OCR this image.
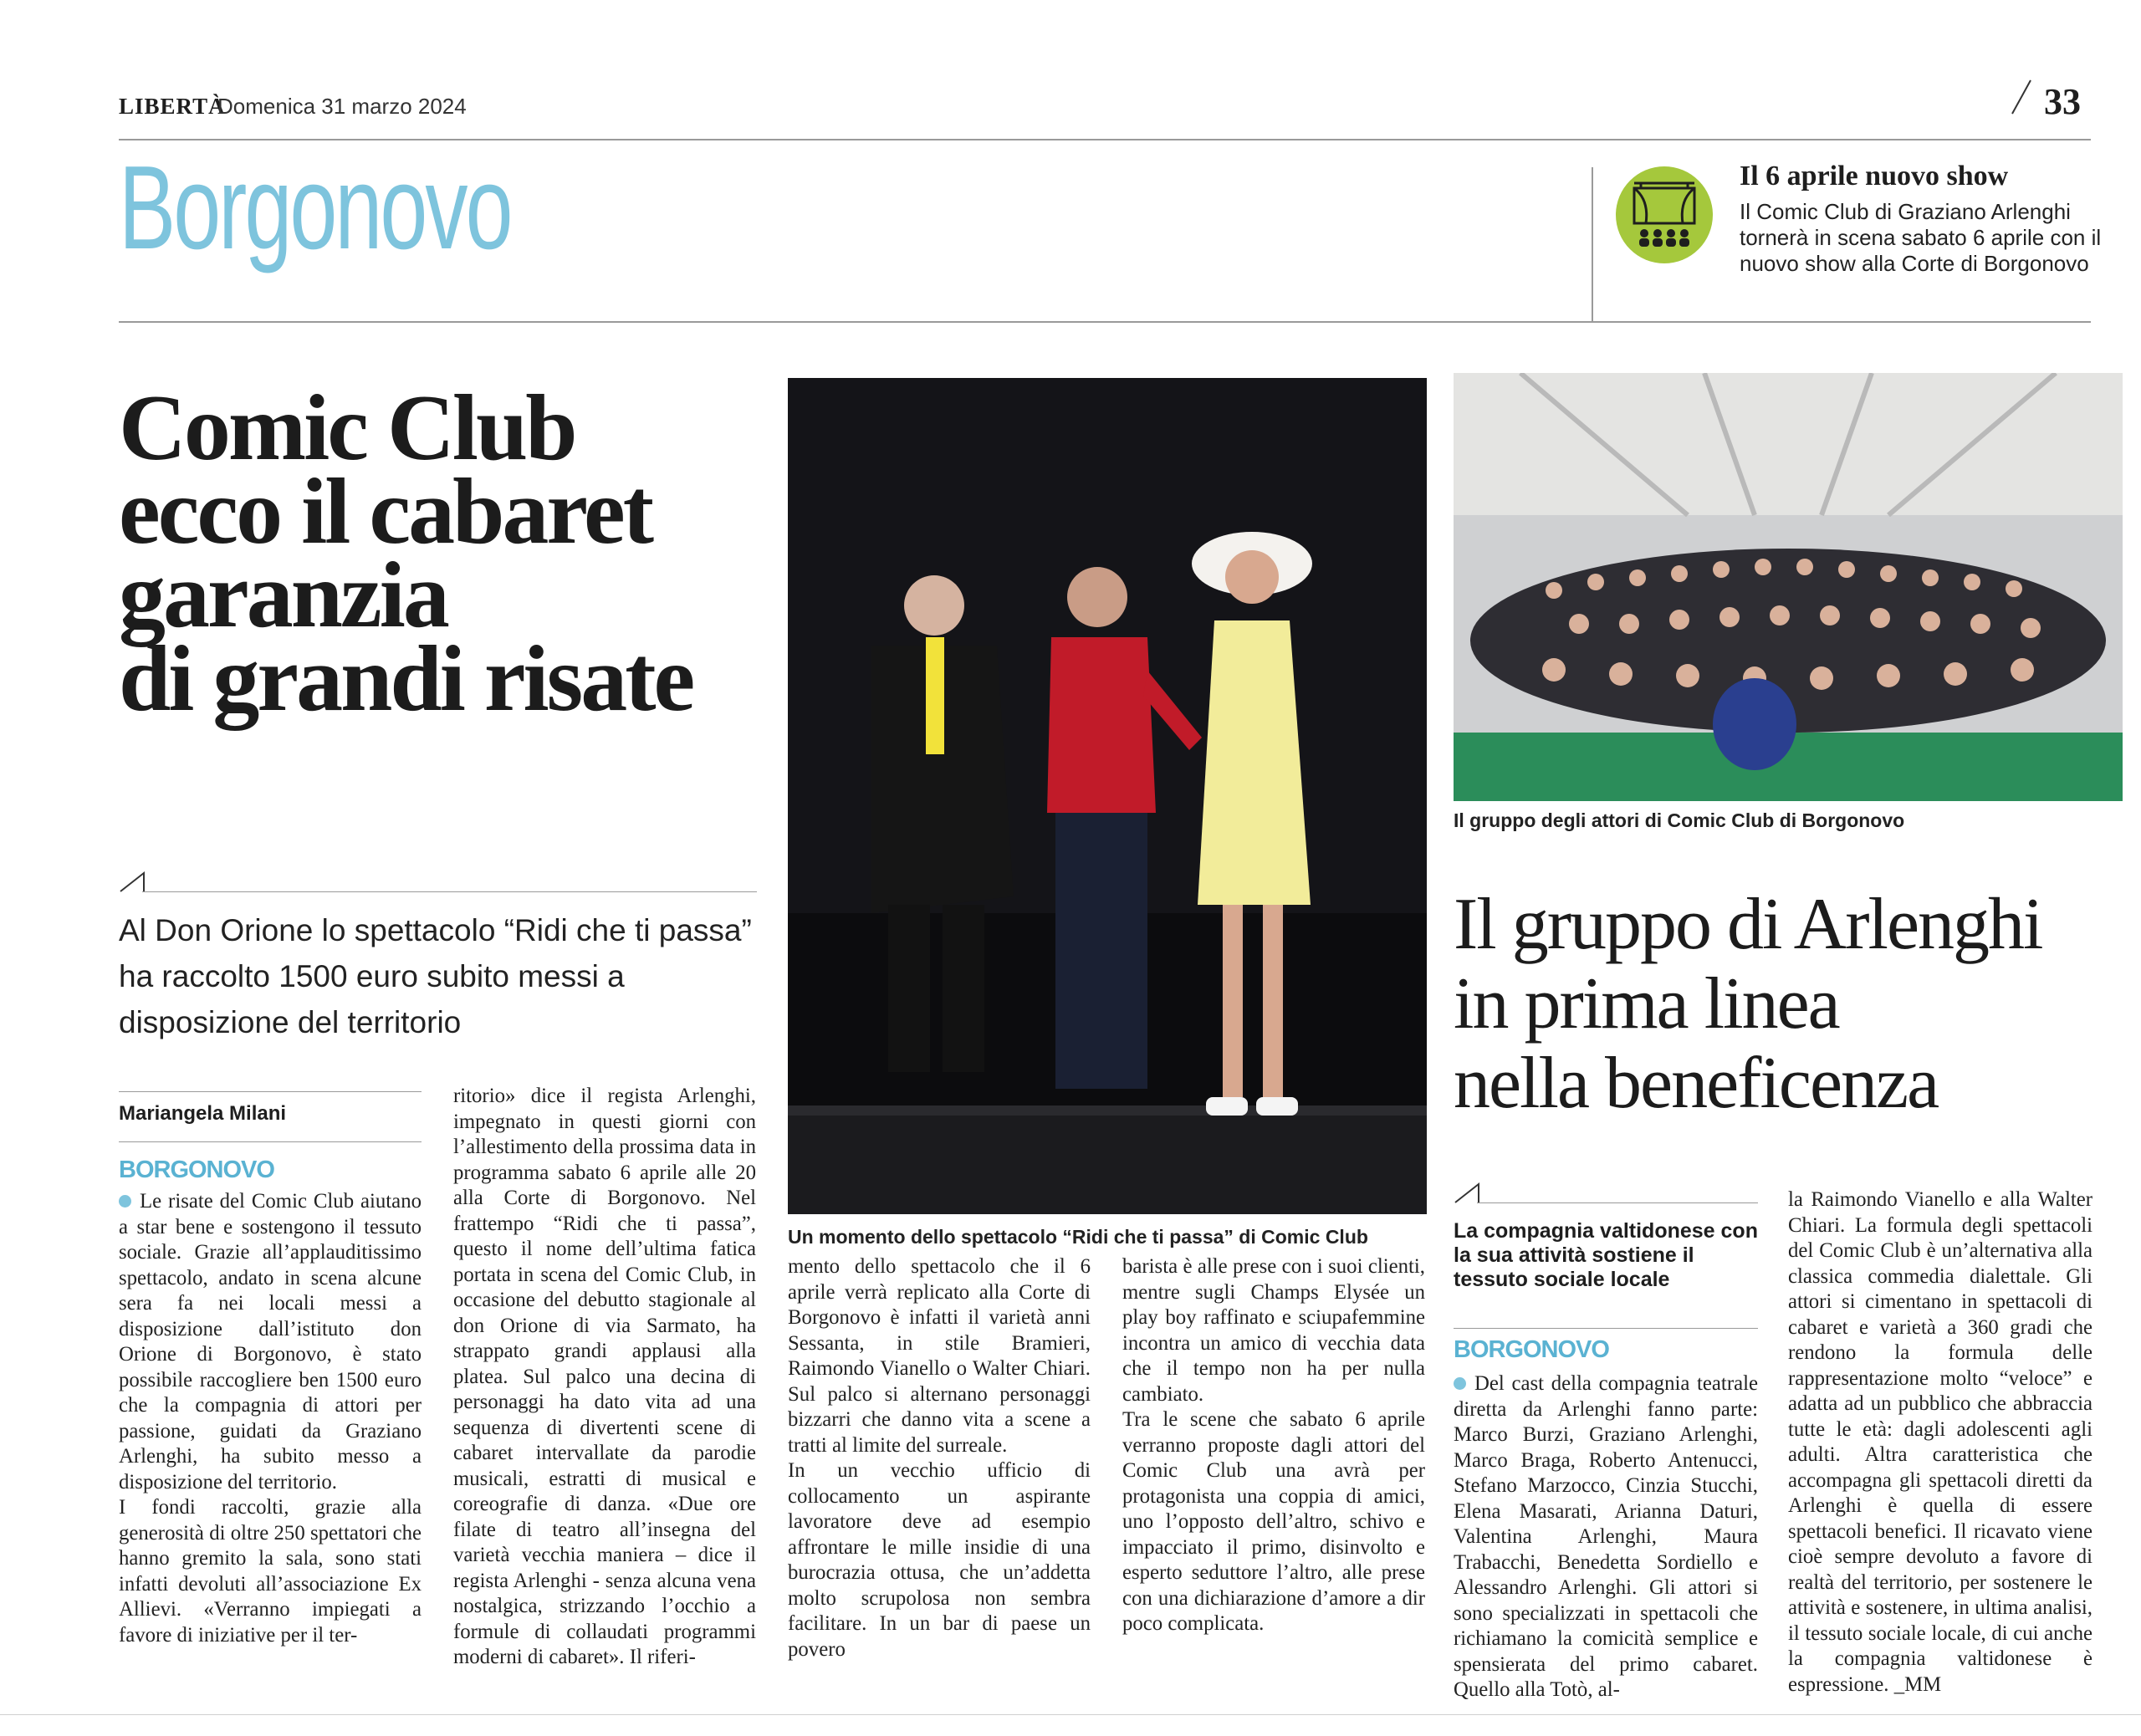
LIBERTÀ
Domenica 31 marzo 2024	33
Borgonovo	Il 6 aprile nuovo show
Il Comic Club di Graziano Arlenghi tornerà in scena sabato 6 aprile con il nuovo show alla Corte di Borgonovo
Comic Club
ecco il cabaret
garanzia
di grandi risate
Al Don Orione lo spettacolo “Ridi che ti passa” ha raccolto 1500 euro subito messi a disposizione del territorio
Mariangela Milani
BORGONOVO
Le risate del Comic Club aiutano a star bene e sostengono il tessuto sociale. Grazie all’applauditissimo spettacolo, andato in scena alcune sera fa nei locali messi a disposizione dall’istituto don Orione di Borgonovo, è stato possibile raccogliere ben 1500 euro che la compagnia di attori per passione, guidati da Graziano Arlenghi, ha subito messo a disposizione del territorio.
I fondi raccolti, grazie alla generosità di oltre 250 spettatori che hanno gremito la sala, sono stati infatti devoluti all’associazione Ex Allievi. «Verranno impiegati a favore di iniziative per il ter-
ritorio» dice il regista Arlenghi, impegnato in questi giorni con l’allestimento della prossima data in programma sabato 6 aprile alle 20 alla Corte di Borgonovo. Nel frattempo “Ridi che ti passa”, questo il nome dell’ultima fatica portata in scena del Comic Club, in occasione del debutto stagionale al don Orione di via Sarmato, ha strappato grandi applausi alla platea. Sul palco una decina di personaggi ha dato vita ad una sequenza di divertenti scene di cabaret intervallate da parodie musicali, estratti di musical e coreografie di danza. «Due ore filate di teatro all’insegna del varietà vecchia maniera – dice il regista Arlenghi - senza alcuna vena nostalgica, strizzando l’occhio a formule di collaudati programmi moderni di cabaret». Il riferi-
mento dello spettacolo che il 6 aprile verrà replicato alla Corte di Borgonovo è infatti il varietà anni Sessanta, in stile Bramieri, Raimondo Vianello o Walter Chiari. Sul palco si alternano personaggi bizzarri che danno vita a scene a tratti al limite del surreale.
In un vecchio ufficio di collocamento un aspirante lavoratore deve ad esempio affrontare le mille insidie di una burocrazia ottusa, che un’addetta molto scrupolosa non sembra facilitare. In un bar di paese un povero
barista è alle prese con i suoi clienti, mentre sugli Champs Elysée un play boy raffinato e sciupafemmine incontra un amico di vecchia data che il tempo non ha per nulla cambiato.
Tra le scene che sabato 6 aprile verranno proposte dagli attori del Comic Club una avrà per protagonista una coppia di amici, uno l’opposto dell’altro, schivo e impacciato il primo, disinvolto e esperto seduttore l’altro, alle prese con una dichiarazione d’amore a dir poco complicata.
Un momento dello spettacolo “Ridi che ti passa” di Comic Club
Il gruppo degli attori di Comic Club di Borgonovo
Il gruppo di Arlenghi
in prima linea
nella beneficenza
La compagnia valtidonese con la sua attività sostiene il tessuto sociale locale
BORGONOVO
Del cast della compagnia teatrale diretta da Arlenghi fanno parte: Marco Burzi, Graziano Arlenghi, Marco Braga, Roberto Antenucci, Stefano Marzocco, Cinzia Stucchi, Elena Masarati, Arianna Daturi, Valentina Arlenghi, Maura Trabacchi, Benedetta Sordiello e Alessandro Arlenghi. Gli attori si sono specializzati in spettacoli che richiamano la comicità semplice e spensierata del primo cabaret. Quello alla Totò, al-
la Raimondo Vianello e alla Walter Chiari. La formula degli spettacoli del Comic Club è un’alternativa alla classica commedia dialettale. Gli attori si cimentano in spettacoli di cabaret e varietà a 360 gradi che rendono la formula delle rappresentazione molto “veloce” e adatta ad un pubblico che abbraccia tutte le età: dagli adolescenti agli adulti. Altra caratteristica che accompagna gli spettacoli diretti da Arlenghi è quella di essere spettacoli benefici. Il ricavato viene cioè sempre devoluto a favore di realtà del territorio, per sostenere le attività e sostenere, in ultima analisi, il tessuto sociale locale, di cui anche la compagnia valtidonese è espressione. _MM
